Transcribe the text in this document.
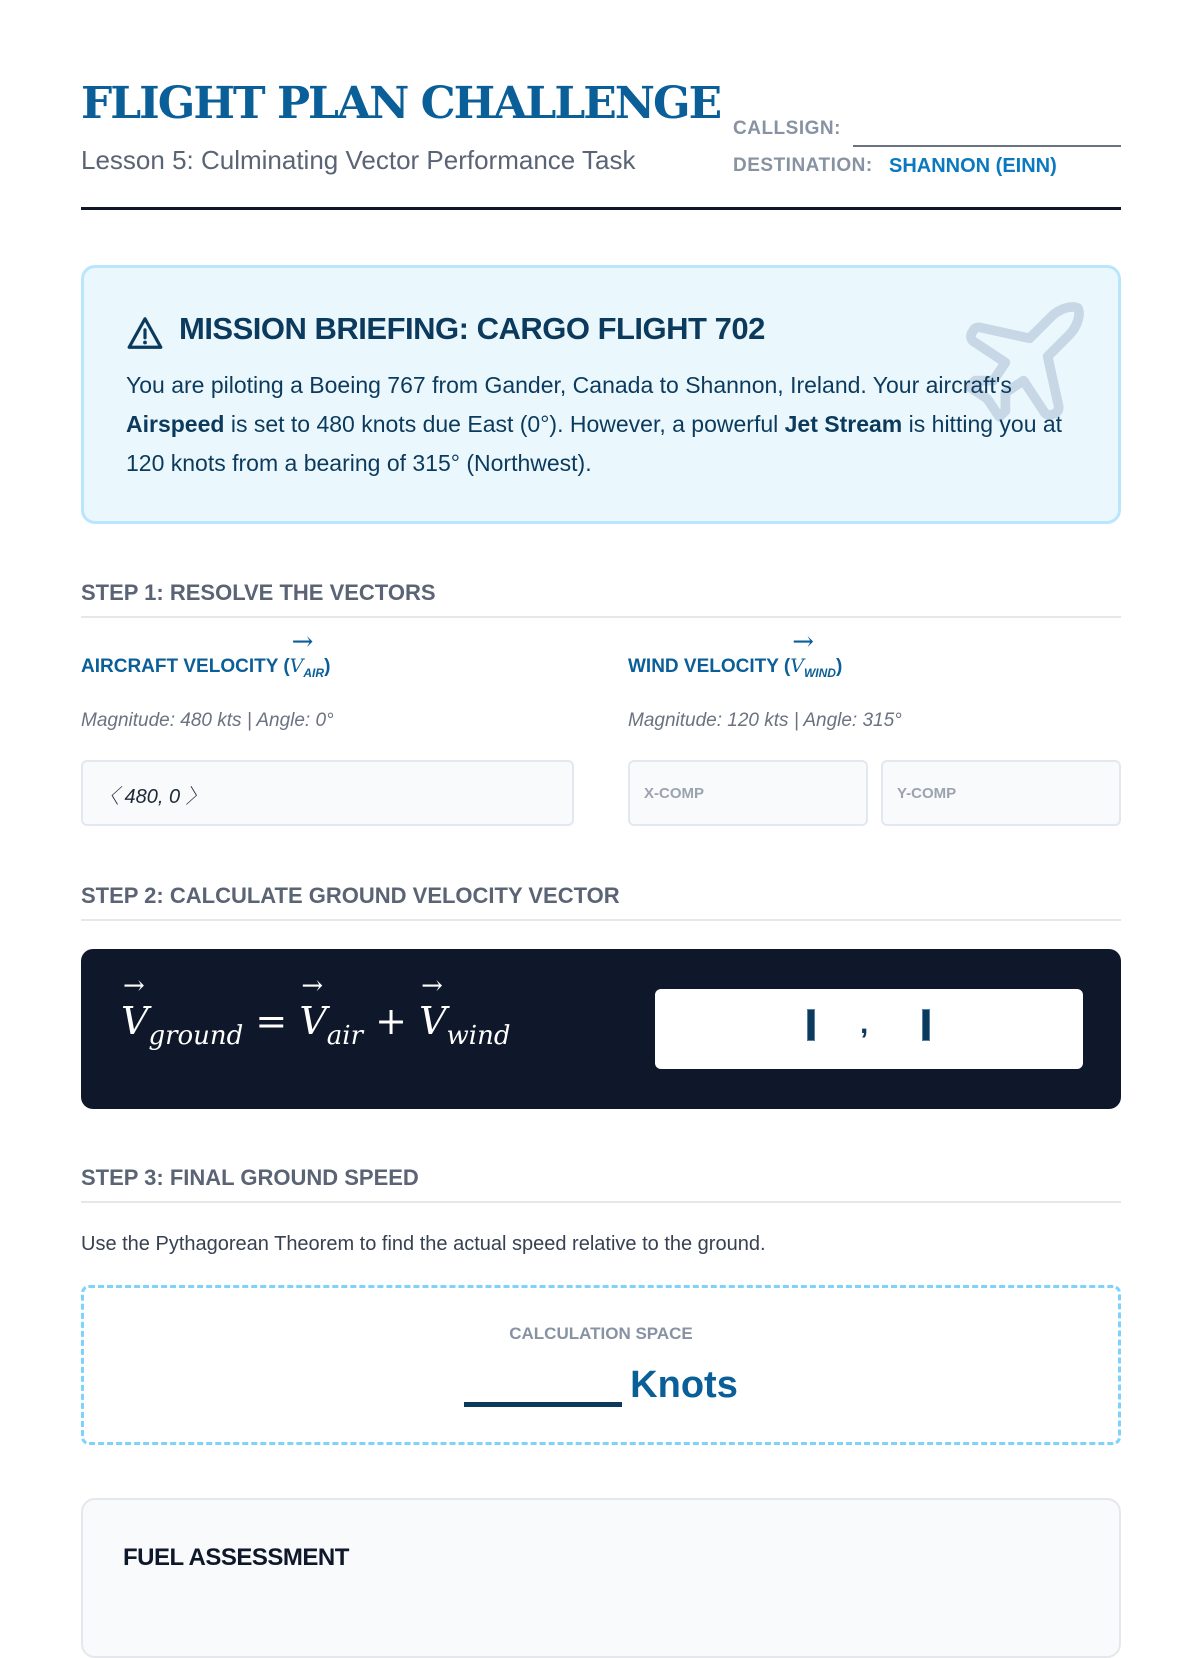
FLIGHT PLAN CHALLENGE
Lesson 5: Culminating Vector Performance Task
CALLSIGN:
DESTINATION: SHANNON (EINN)
MISSION BRIEFING: CARGO FLIGHT 702

You are piloting a Boeing 767 from Gander, Canada to Shannon, Ireland. Your aircraft's Airspeed is set to 480 knots due East (0°). However, a powerful Jet Stream is hitting you at 120 knots from a bearing of 315° (Northwest).

STEP 1: RESOLVE THE VECTORS
AIRCRAFT VELOCITY (→ $V_{AIR}$)
Magnitude: 480 kts | Angle: 0°
〈 480, 0 〉
WIND VELOCITY (→ $V_{WIND}$)
Magnitude: 120 kts | Angle: 315°
X-COMP
Y-COMP
STEP 2: CALCULATE GROUND VELOCITY VECTOR
→ $V_{ground}$ = → $V_{air}$ + → $V_{wind}$	,
STEP 3: FINAL GROUND SPEED
Use the Pythagorean Theorem to find the actual speed relative to the ground.
CALCULATION SPACE
Knots
FUEL ASSESSMENT
